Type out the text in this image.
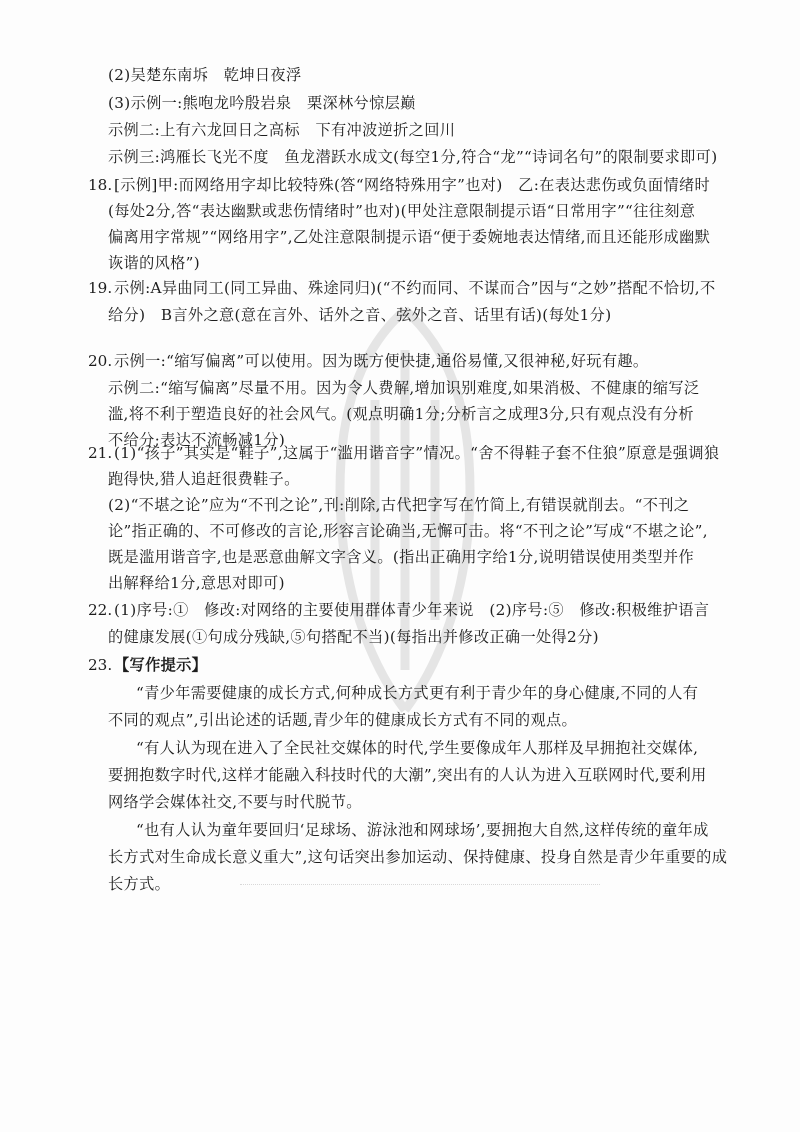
18.
19.
20.
21.
22.
23.
(2)吴楚东南坼　乾坤日夜浮
(3)示例一:熊咆龙吟殷岩泉　栗深林兮惊层巅
示例二:上有六龙回日之高标　下有冲波逆折之回川
示例三:鸿雁长飞光不度　鱼龙潜跃水成文(每空1分,符合“龙”“诗词名句”的限制要求即可)
[示例]甲:而网络用字却比较特殊(答“网络特殊用字”也对)　乙:在表达悲伤或负面情绪时
(每处2分,答“表达幽默或悲伤情绪时”也对)(甲处注意限制提示语“日常用字”“往往刻意
偏离用字常规”“网络用字”,乙处注意限制提示语“便于委婉地表达情绪,而且还能形成幽默
诙谐的风格”)
示例:A异曲同工(同工异曲、殊途同归)(“不约而同、不谋而合”因与“之妙”搭配不恰切,不
给分)　B言外之意(意在言外、话外之音、弦外之音、话里有话)(每处1分)
示例一:“缩写偏离”可以使用。因为既方便快捷,通俗易懂,又很神秘,好玩有趣。
示例二:“缩写偏离”尽量不用。因为令人费解,增加识别难度,如果消极、不健康的缩写泛
滥,将不利于塑造良好的社会风气。(观点明确1分;分析言之成理3分,只有观点没有分析
不给分;表达不流畅减1分)
(1)“孩子”其实是“鞋子”,这属于“滥用谐音字”情况。“舍不得鞋子套不住狼”原意是强调狼
跑得快,猎人追赶很费鞋子。
(2)“不堪之论”应为“不刊之论”,刊:削除,古代把字写在竹简上,有错误就削去。“不刊之
论”指正确的、不可修改的言论,形容言论确当,无懈可击。将“不刊之论”写成“不堪之论”,
既是滥用谐音字,也是恶意曲解文字含义。(指出正确用字给1分,说明错误使用类型并作
(1)序号:①　修改:对网络的主要使用群体青少年来说　(2)序号:⑤　修改:积极维护语言
的健康发展(①句成分残缺,⑤句搭配不当)(每指出并修改正确一处得2分)
【写作提示】
“青少年需要健康的成长方式,何种成长方式更有利于青少年的身心健康,不同的人有
不同的观点”,引出论述的话题,青少年的健康成长方式有不同的观点。
“有人认为现在进入了全民社交媒体的时代,学生要像成年人那样及早拥抱社交媒体,
要拥抱数字时代,这样才能融入科技时代的大潮”,突出有的人认为进入互联网时代,要利用
网络学会媒体社交,不要与时代脱节。
“也有人认为童年要回归‘足球场、游泳池和网球场’,要拥抱大自然,这样传统的童年成
长方式对生命成长意义重大”,这句话突出参加运动、保持健康、投身自然是青少年重要的成
长方式。
出解释给1分,意思对即可)
